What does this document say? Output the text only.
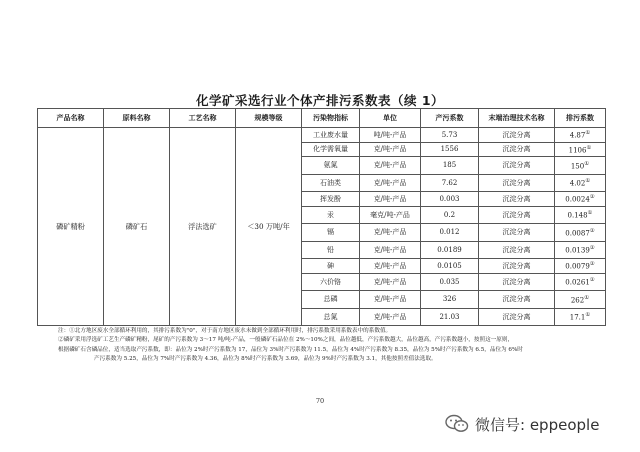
化学矿采选行业个体产排污系数表（续 1）
产品名称	原料名称	工艺名称	规模等级	污染物指标	单位	产污系数	末端治理技术名称	排污系数
磷矿精粉	磷矿石	浮法选矿	＜30 万吨/年	工业废水量	吨/吨-产品	5.73	沉淀分离	4.87①
				化学需氧量	克/吨-产品	1556	沉淀分离	1106①
				氨氮	克/吨-产品	185	沉淀分离	150①
				石油类	克/吨-产品	7.62	沉淀分离	4.02①
				挥发酚	克/吨-产品	0.003	沉淀分离	0.0024①
				汞	毫克/吨-产品	0.2	沉淀分离	0.148①
				镉	克/吨-产品	0.012	沉淀分离	0.0087①
				铅	克/吨-产品	0.0189	沉淀分离	0.0139①
				砷	克/吨-产品	0.0105	沉淀分离	0.0079①
				六价铬	克/吨-产品	0.035	沉淀分离	0.0261①
				总磷	克/吨-产品	326	沉淀分离	262①
				总氮	克/吨-产品	21.03	沉淀分离	17.1①

注：①北方地区废水全部循环利用的，其排污系数为"0"，对于南方地区废水未做到全部循环利用时，排污系数采用系数表中的系数值。

②磷矿采用浮选矿工艺生产磷矿精粉，尾矿的产污系数为 3～17 吨/吨-产品，一般磷矿石品位在 2%～10%之间，品位越低，产污系数越大，品位越高，产污系数越小，按照这一原则，

根据磷矿石含磷品位，适当选取产污系数，即：品位为 2%时产污系数为 17，品位为 3%时产污系数为 11.5，品位为 4%时产污系数为 8.35，品位为 5%时产污系数为 6.5，品位为 6%时

产污系数为 5.25，品位为 7%时产污系数为 4.36，品位为 8%时产污系数为 3.69，品位为 9%时产污系数为 3.1，其他按照差值法选取。

70
微信号: eppeople
